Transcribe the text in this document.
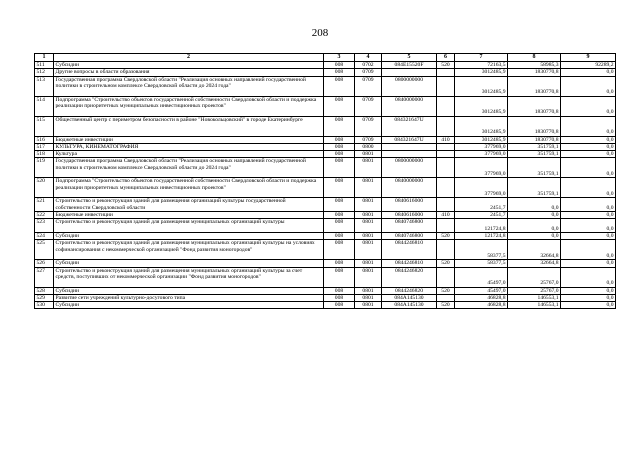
208
1	2	3	4	5	6	7	8	9
511	Субсидии	008	0702	084E15520F	520	72163,5	58985,3	92289,2
512	Другие вопросы в области образования	008	0709			3012485,9	1830770,8	0,0
513	Государственная программа Свердловской области "Реализация основных направлений государственной политики в строительном комплексе Свердловской области до 2024 года"	008	0709	0800000000		3012485,9	1830770,8	0,0
514	Подпрограмма "Строительство объектов государственной собственности Свердловской области и поддержка реализации приоритетных муниципальных инвестиционных проектов"	008	0709	0840000000		3012485,9	1830770,8	0,0
515	Общественный центр с периметром безопасности в районе "Новокольцовский" в городе Екатеринбурге	008	0709	084321647U		3012485,9	1830770,8	0,0
516	Бюджетные инвестиции	008	0709	084321647U	410	3012485,9	1830770,8	0,0
517	КУЛЬТУРА, КИНЕМАТОГРАФИЯ	008	0800			377969,0	351759,1	0,0
518	Культура	008	0801			377969,0	351759,1	0,0
519	Государственная программа Свердловской области "Реализация основных направлений государственной политики в строительном комплексе Свердловской области до 2024 года"	008	0801	0800000000		377969,0	351759,1	0,0
520	Подпрограмма "Строительство объектов государственной собственности Свердловской области и поддержка реализации приоритетных муниципальных инвестиционных проектов"	008	0801	0840000000		377969,0	351759,1	0,0
521	Строительство и реконструкция зданий для размещения организаций культуры государственной собственности Свердловской области	008	0801	0840616000		2451,7	0,0	0,0
522	Бюджетные инвестиции	008	0801	0840616000	410	2451,7	0,0	0,0
523	Строительство и реконструкция зданий для размещения муниципальных организаций культуры	008	0801	0840746800		121724,8	0,0	0,0
524	Субсидии	008	0801	0840746800	520	121724,8	0,0	0,0
525	Строительство и реконструкция зданий для размещения муниципальных организаций культуры на условиях софинансирования с некоммерческой организацией "Фонд развития моногородов"	008	0801	0844246810		58377,5	32664,8	0,0
526	Субсидии	008	0801	0844246810	520	58377,5	32664,8	0,0
527	Строительство и реконструкция зданий для размещения муниципальных организаций культуры за счет средств, поступивших от некоммерческой организации "Фонд развития моногородов"	008	0801	0844246820		45497,0	25767,0	0,0
528	Субсидии	008	0801	0844246820	520	45497,0	25767,0	0,0
529	Развитие сети учреждений культурно-досугового типа	008	0801	084A145130		46828,8	146553,1	0,0
530	Субсидии	008	0801	084A145130	520	46828,8	146553,1	0,0
